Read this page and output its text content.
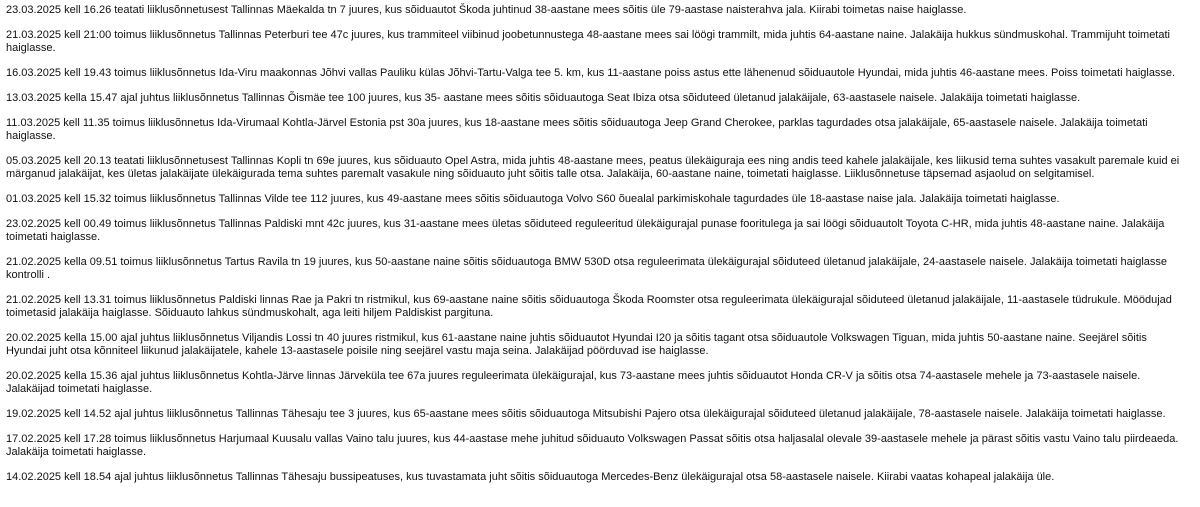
23.03.2025 kell 16.26 teatati liiklusõnnetusest Tallinnas Mäekalda tn 7 juures, kus sõiduautot Škoda juhtinud 38-aastane mees sõitis üle 79-aastase naisterahva jala. Kiirabi toimetas naise haiglasse.

21.03.2025 kell 21:00 toimus liiklusõnnetus Tallinnas Peterburi tee 47c juures, kus trammiteel viibinud joobetunnustega 48-aastane mees sai löögi trammilt, mida juhtis 64-aastane naine. Jalakäija hukkus sündmuskohal. Trammijuht toimetati haiglasse.

16.03.2025 kell 19.43 toimus liiklusõnnetus Ida-Viru maakonnas Jõhvi vallas Pauliku külas Jõhvi-Tartu-Valga tee 5. km, kus 11-aastane poiss astus ette lähenenud sõiduautole Hyundai, mida juhtis 46-aastane mees. Poiss toimetati haiglasse.

13.03.2025 kella 15.47 ajal juhtus liiklusõnnetus Tallinnas Õismäe tee 100 juures, kus 35- aastane mees sõitis sõiduautoga Seat Ibiza otsa sõiduteed ületanud jalakäijale, 63-aastasele naisele. Jalakäija toimetati haiglasse.

11.03.2025 kell 11.35 toimus liiklusõnnetus Ida-Virumaal Kohtla-Järvel Estonia pst 30a juures, kus 18-aastane mees sõitis sõiduautoga Jeep Grand Cherokee, parklas tagurdades otsa jalakäijale, 65-aastasele naisele. Jalakäija toimetati haiglasse.

05.03.2025 kell 20.13 teatati liiklusõnnetusest Tallinnas Kopli tn 69e juures, kus sõiduauto Opel Astra, mida juhtis 48-aastane mees, peatus ülekäiguraja ees ning andis teed kahele jalakäijale, kes liikusid tema suhtes vasakult paremale kuid ei märganud jalakäijat, kes ületas jalakäijate ülekäigurada tema suhtes paremalt vasakule ning sõiduauto juht sõitis talle otsa. Jalakäija, 60-aastane naine, toimetati haiglasse. Liiklusõnnetuse täpsemad asjaolud on selgitamisel.

01.03.2025 kell 15.32 toimus liiklusõnnetus Tallinnas Vilde tee 112 juures, kus 49-aastane mees sõitis sõiduautoga Volvo S60 õuealal parkimiskohale tagurdades üle 18-aastase naise jala. Jalakäija toimetati haiglasse.

23.02.2025 kell 00.49 toimus liiklusõnnetus Tallinnas Paldiski mnt 42c juures, kus 31-aastane mees ületas sõiduteed reguleeritud ülekäigurajal punase fooritulega ja sai löögi sõiduautolt Toyota C-HR, mida juhtis 48-aastane naine. Jalakäija toimetati haiglasse.

21.02.2025 kella 09.51 toimus liiklusõnnetus Tartus Ravila tn 19 juures, kus 50-aastane naine sõitis sõiduautoga BMW 530D otsa reguleerimata ülekäigurajal sõiduteed ületanud jalakäijale, 24-aastasele naisele. Jalakäija toimetati haiglasse kontrolli .

21.02.2025 kell 13.31 toimus liiklusõnnetus Paldiski linnas Rae ja Pakri tn ristmikul, kus 69-aastane naine sõitis sõiduautoga Škoda Roomster otsa reguleerimata ülekäigurajal sõiduteed ületanud jalakäijale, 11-aastasele tüdrukule. Möödujad toimetasid jalakäija haiglasse. Sõiduauto lahkus sündmuskohalt, aga leiti hiljem Paldiskist pargituna.

20.02.2025 kella 15.00 ajal juhtus liiklusõnnetus Viljandis Lossi tn 40 juures ristmikul, kus 61-aastane naine juhtis sõiduautot Hyundai I20 ja sõitis tagant otsa sõiduautole Volkswagen Tiguan, mida juhtis 50-aastane naine. Seejärel sõitis Hyundai juht otsa kõnniteel liikunud jalakäijatele, kahele 13-aastasele poisile ning seejärel vastu maja seina. Jalakäijad pöörduvad ise haiglasse.

20.02.2025 kella 15.36 ajal juhtus liiklusõnnetus Kohtla-Järve linnas Järveküla tee 67a juures reguleerimata ülekäigurajal, kus 73-aastane mees juhtis sõiduautot Honda CR-V ja sõitis otsa 74-aastasele mehele ja 73-aastasele naisele. Jalakäijad toimetati haiglasse.

19.02.2025 kell 14.52 ajal juhtus liiklusõnnetus Tallinnas Tähesaju tee 3 juures, kus 65-aastane mees sõitis sõiduautoga Mitsubishi Pajero otsa ülekäigurajal sõiduteed ületanud jalakäijale, 78-aastasele naisele. Jalakäija toimetati haiglasse.

17.02.2025 kell 17.28 toimus liiklusõnnetus Harjumaal Kuusalu vallas Vaino talu juures, kus 44-aastase mehe juhitud sõiduauto Volkswagen Passat sõitis otsa haljasalal olevale 39-aastasele mehele ja pärast sõitis vastu Vaino talu piirdeaeda. Jalakäija toimetati haiglasse.

14.02.2025 kell 18.54 ajal juhtus liiklusõnnetus Tallinnas Tähesaju bussipeatuses, kus tuvastamata juht sõitis sõiduautoga Mercedes-Benz ülekäigurajal otsa 58-aastasele naisele. Kiirabi vaatas kohapeal jalakäija üle.
